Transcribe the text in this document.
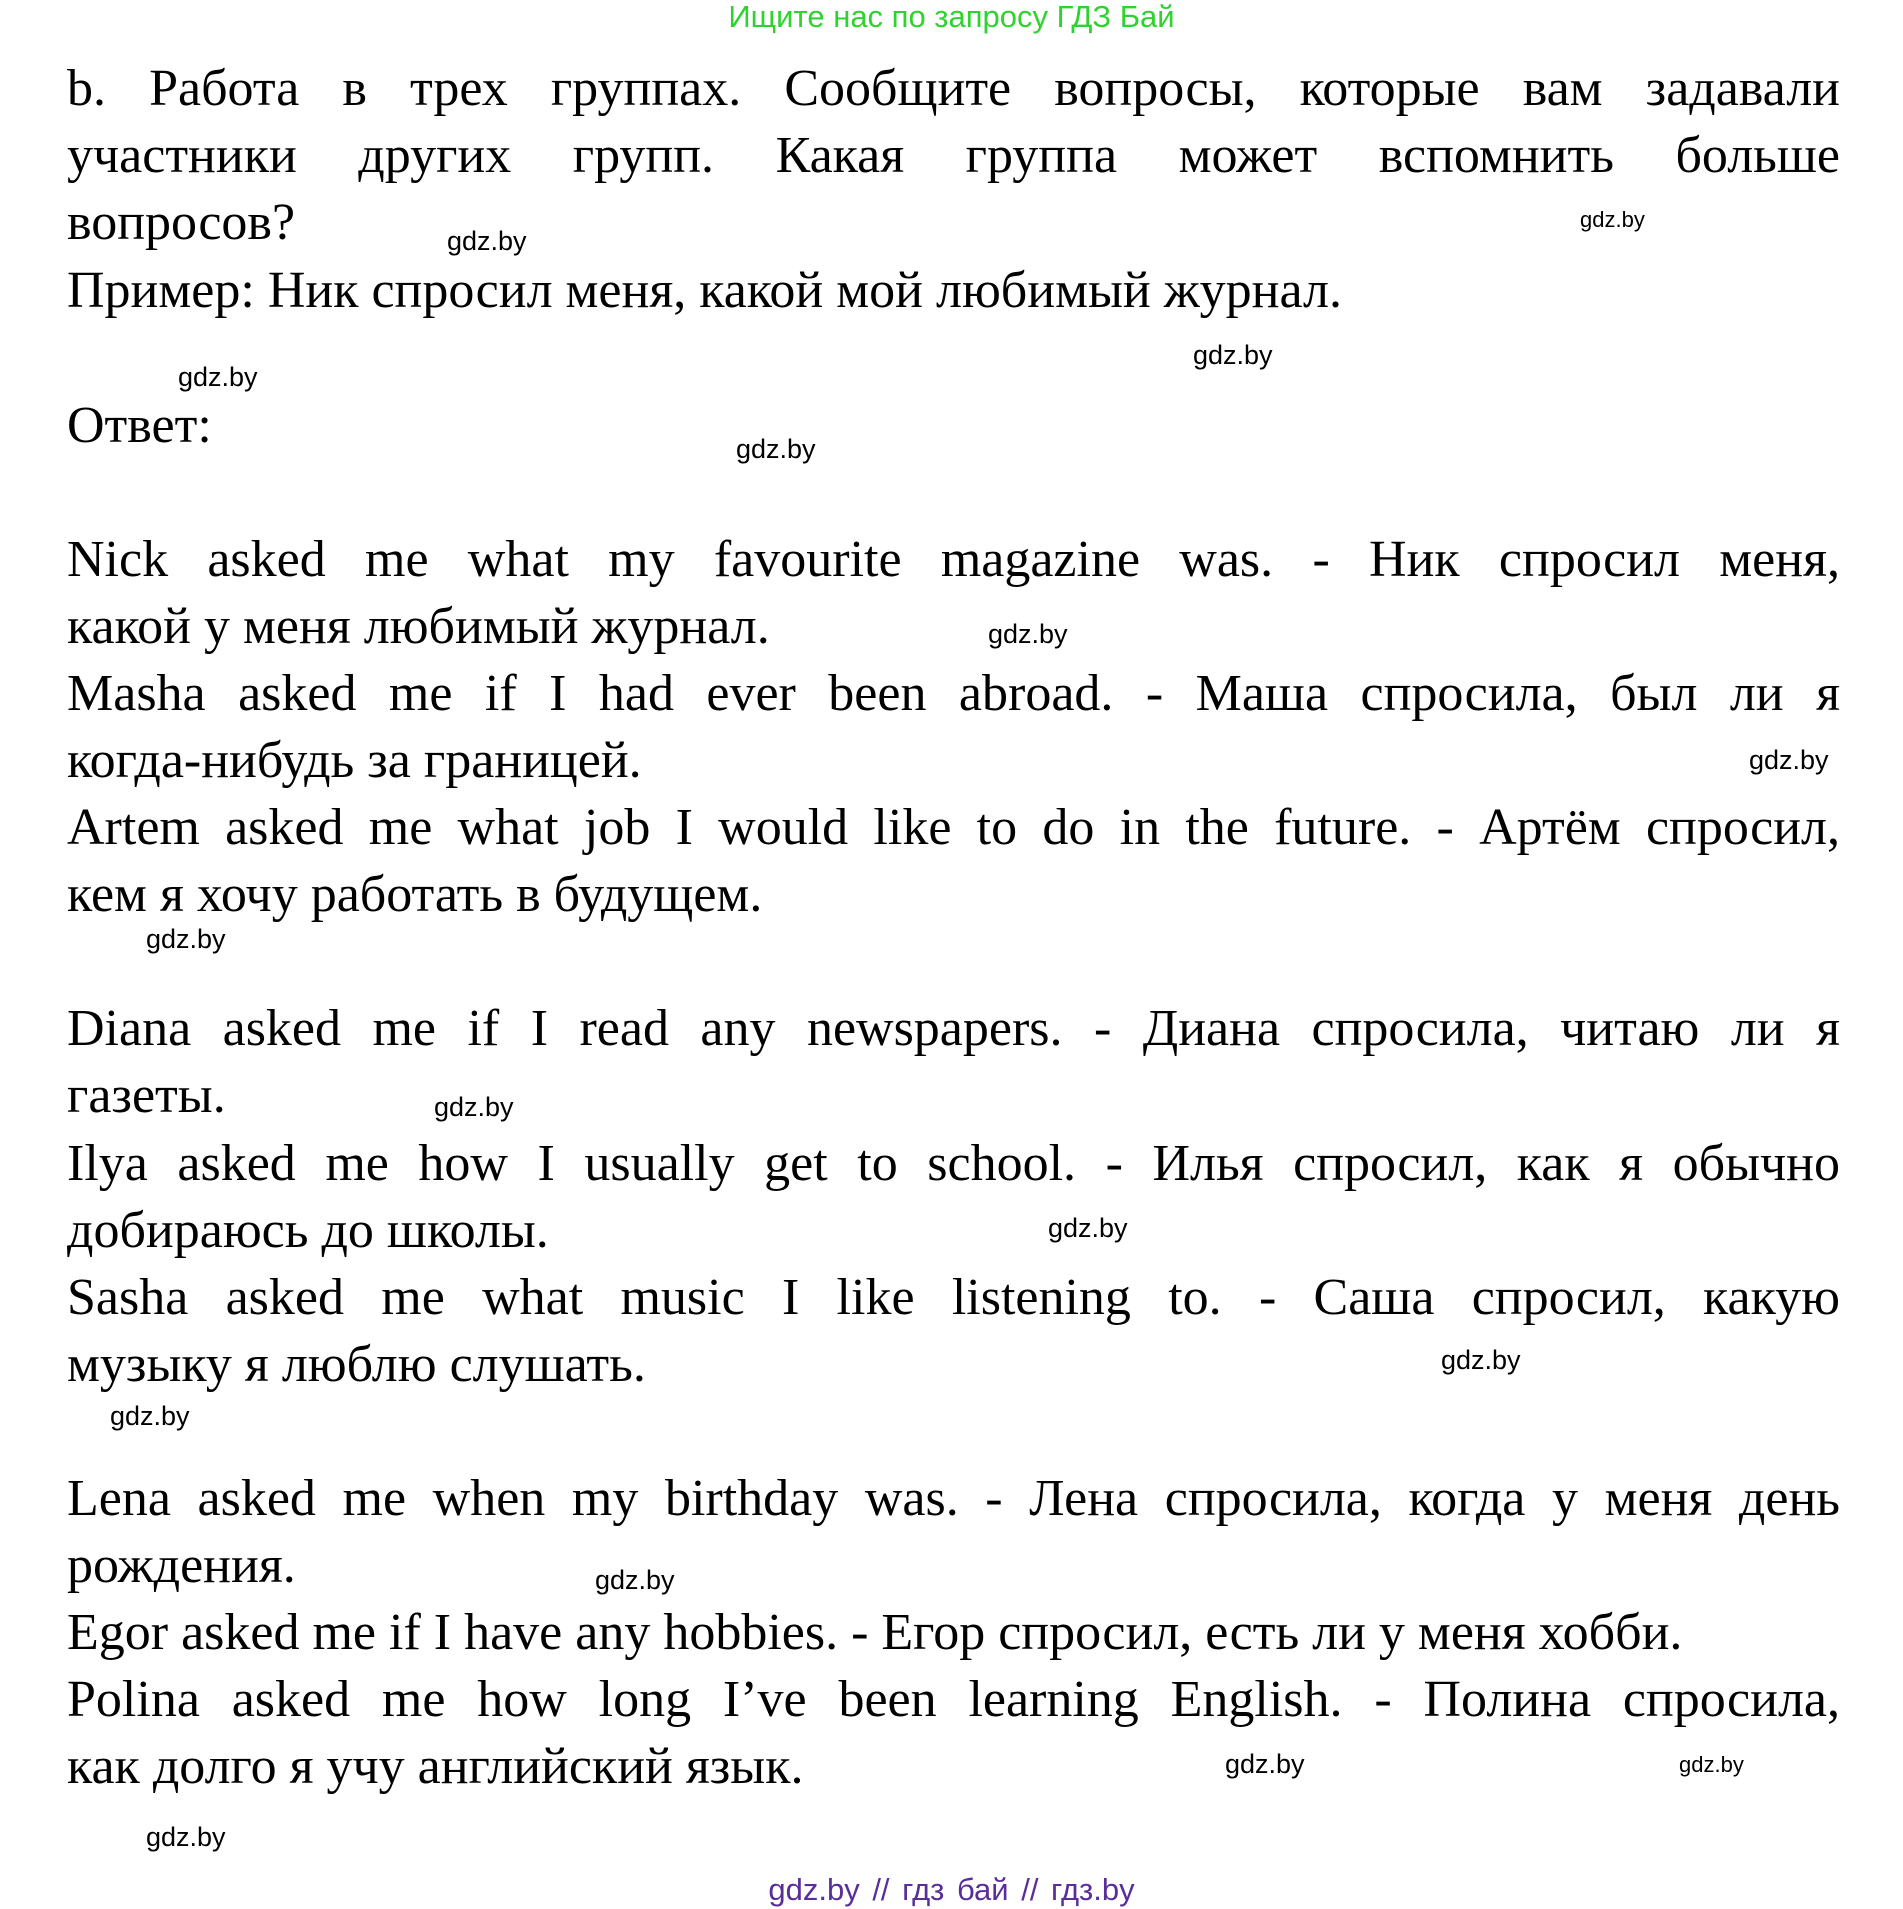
Ищите нас по запросу ГДЗ Бай
b. Работа в трех группах. Сообщите вопросы, которые вам задавали
участники других групп. Какая группа может вспомнить больше
вопросов?
Пример: Ник спросил меня, какой мой любимый журнал.
Ответ:
Nick asked me what my favourite magazine was. - Ник спросил меня,
какой у меня любимый журнал.
Masha asked me if I had ever been abroad. - Маша спросила, был ли я
когда-нибудь за границей.
Artem asked me what job I would like to do in the future. - Артём спросил,
кем я хочу работать в будущем.
Diana asked me if I read any newspapers. - Диана спросила, читаю ли я
газеты.
Ilya asked me how I usually get to school. - Илья спросил, как я обычно
добираюсь до школы.
Sasha asked me what music I like listening to. - Саша спросил, какую
музыку я люблю слушать.
Lena asked me when my birthday was. - Лена спросила, когда у меня день
рождения.
Egor asked me if I have any hobbies. - Егор спросил, есть ли у меня хобби.
Polina asked me how long I’ve been learning English. - Полина спросила,
как долго я учу английский язык.
gdz.by // гдз бай // гдз.by
gdz.by
gdz.by
gdz.by
gdz.by
gdz.by
gdz.by
gdz.by
gdz.by
gdz.by
gdz.by
gdz.by
gdz.by
gdz.by
gdz.by
gdz.by
gdz.by
